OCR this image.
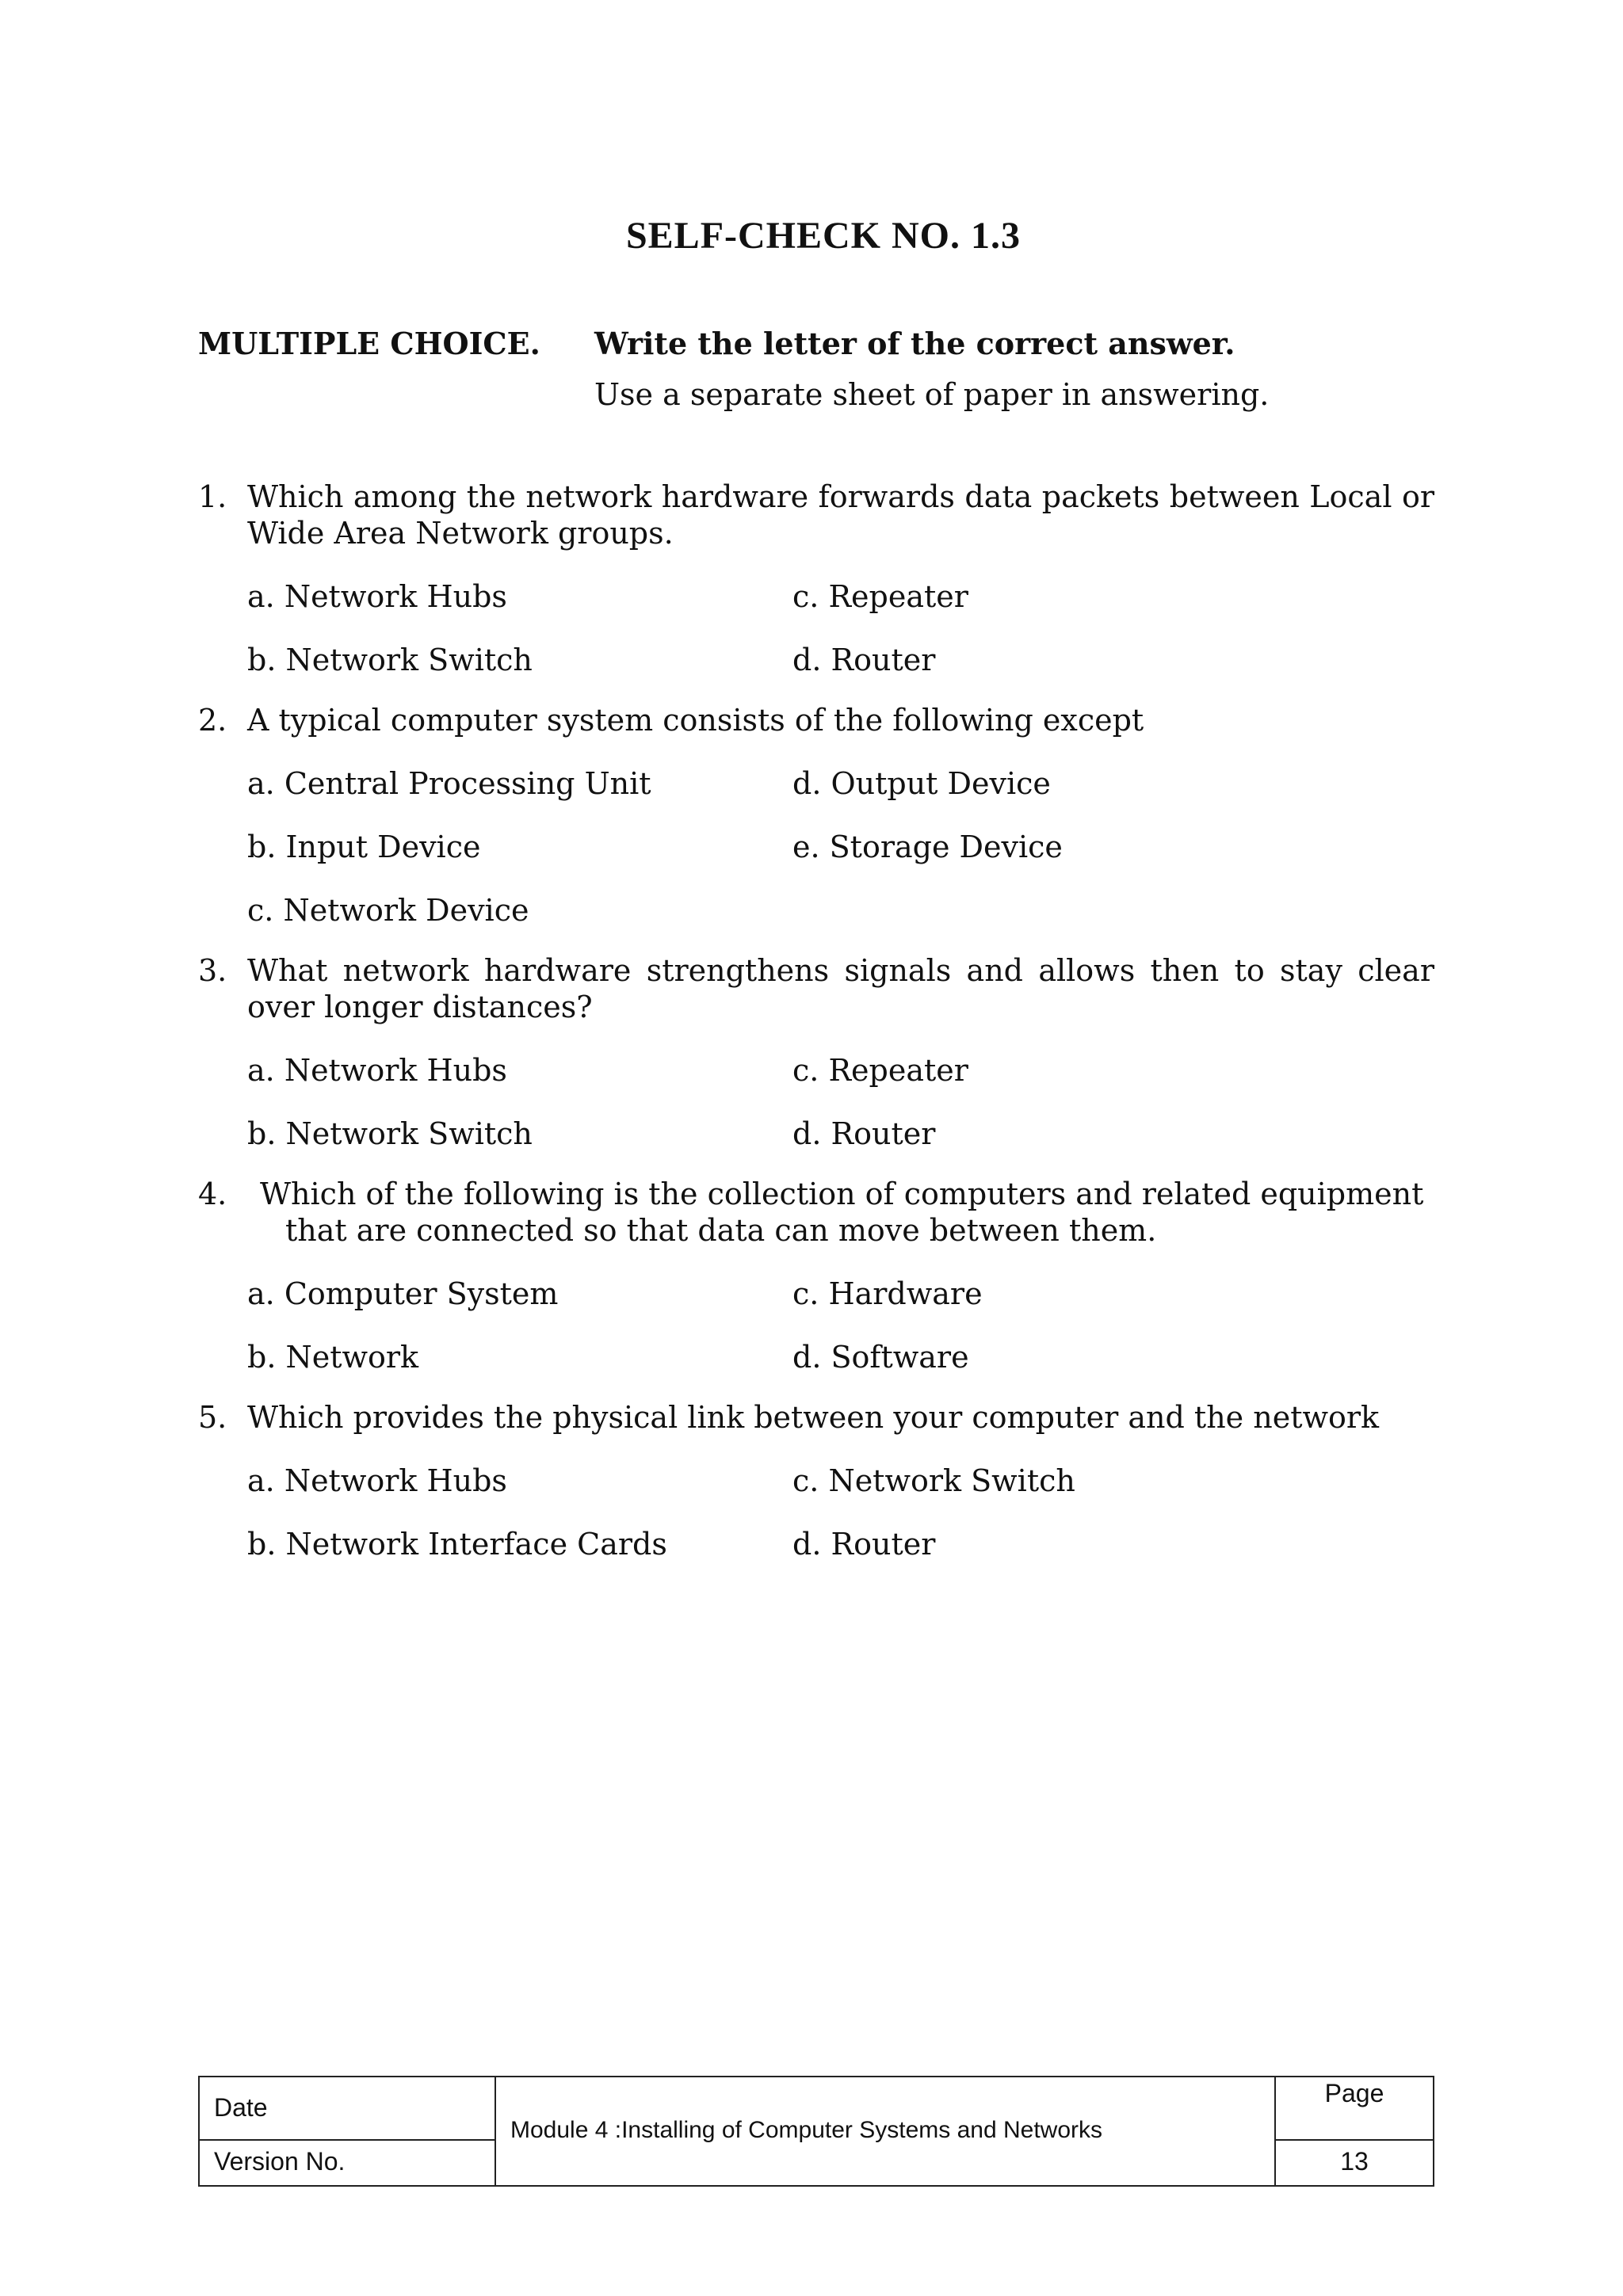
SELF-CHECK NO. 1.3
MULTIPLE CHOICE. Write the letter of the correct answer.
Use a separate sheet of paper in answering.
1. Which among the network hardware forwards data packets between Local or Wide Area Network groups.
a. Network Hubs	c. Repeater
b. Network Switch	d. Router
2. A typical computer system consists of the following except
a. Central Processing Unit	d. Output Device
b. Input Device	e. Storage Device
c. Network Device
3. What network hardware strengthens signals and allows then to stay clear over longer distances?
a. Network Hubs	c. Repeater
b. Network Switch	d. Router
4. Which of the following is the collection of computers and related equipment
that are connected so that data can move between them.
a. Computer System	c. Hardware
b. Network	d. Software
5. Which provides the physical link between your computer and the network
a. Network Hubs	c. Network Switch
b. Network Interface Cards	d. Router
Date
Version No.
Module 4 :Installing of Computer Systems and Networks
Page
13
